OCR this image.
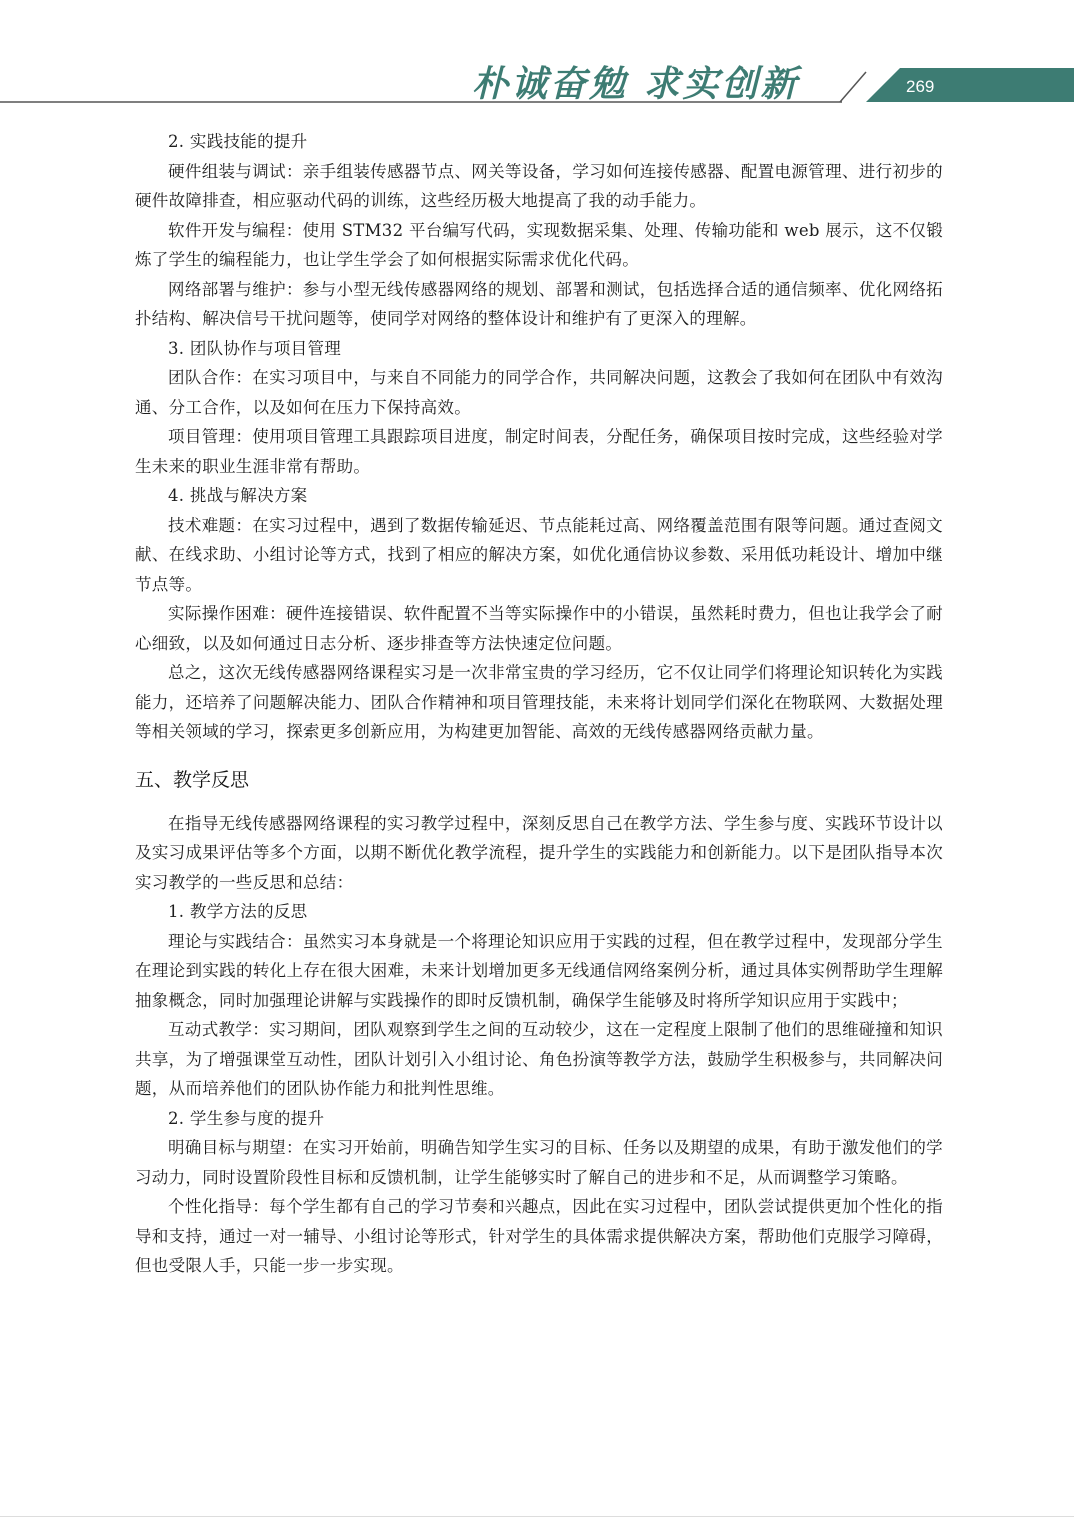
朴诚奋勉 求实创新	269

2. 实践技能的提升

硬件组装与调试：亲手组装传感器节点、网关等设备，学习如何连接传感器、配置电源管理、进行初步的硬件故障排查，相应驱动代码的训练，这些经历极大地提高了我的动手能力。

软件开发与编程：使用 STM32 平台编写代码，实现数据采集、处理、传输功能和 web 展示，这不仅锻炼了学生的编程能力，也让学生学会了如何根据实际需求优化代码。

网络部署与维护：参与小型无线传感器网络的规划、部署和测试，包括选择合适的通信频率、优化网络拓扑结构、解决信号干扰问题等，使同学对网络的整体设计和维护有了更深入的理解。

3. 团队协作与项目管理

团队合作：在实习项目中，与来自不同能力的同学合作，共同解决问题，这教会了我如何在团队中有效沟通、分工合作，以及如何在压力下保持高效。

项目管理：使用项目管理工具跟踪项目进度，制定时间表，分配任务，确保项目按时完成，这些经验对学生未来的职业生涯非常有帮助。

4. 挑战与解决方案

技术难题：在实习过程中，遇到了数据传输延迟、节点能耗过高、网络覆盖范围有限等问题。通过查阅文献、在线求助、小组讨论等方式，找到了相应的解决方案，如优化通信协议参数、采用低功耗设计、增加中继节点等。

实际操作困难：硬件连接错误、软件配置不当等实际操作中的小错误，虽然耗时费力，但也让我学会了耐心细致，以及如何通过日志分析、逐步排查等方法快速定位问题。

总之，这次无线传感器网络课程实习是一次非常宝贵的学习经历，它不仅让同学们将理论知识转化为实践能力，还培养了问题解决能力、团队合作精神和项目管理技能，未来将计划同学们深化在物联网、大数据处理等相关领域的学习，探索更多创新应用，为构建更加智能、高效的无线传感器网络贡献力量。

五、教学反思

在指导无线传感器网络课程的实习教学过程中，深刻反思自己在教学方法、学生参与度、实践环节设计以及实习成果评估等多个方面，以期不断优化教学流程，提升学生的实践能力和创新能力。以下是团队指导本次实习教学的一些反思和总结：

1. 教学方法的反思

理论与实践结合：虽然实习本身就是一个将理论知识应用于实践的过程，但在教学过程中，发现部分学生在理论到实践的转化上存在很大困难，未来计划增加更多无线通信网络案例分析，通过具体实例帮助学生理解抽象概念，同时加强理论讲解与实践操作的即时反馈机制，确保学生能够及时将所学知识应用于实践中；

互动式教学：实习期间，团队观察到学生之间的互动较少，这在一定程度上限制了他们的思维碰撞和知识共享，为了增强课堂互动性，团队计划引入小组讨论、角色扮演等教学方法，鼓励学生积极参与，共同解决问题，从而培养他们的团队协作能力和批判性思维。

2. 学生参与度的提升

明确目标与期望：在实习开始前，明确告知学生实习的目标、任务以及期望的成果，有助于激发他们的学习动力，同时设置阶段性目标和反馈机制，让学生能够实时了解自己的进步和不足，从而调整学习策略。

个性化指导：每个学生都有自己的学习节奏和兴趣点，因此在实习过程中，团队尝试提供更加个性化的指导和支持，通过一对一辅导、小组讨论等形式，针对学生的具体需求提供解决方案，帮助他们克服学习障碍，但也受限人手，只能一步一步实现。
